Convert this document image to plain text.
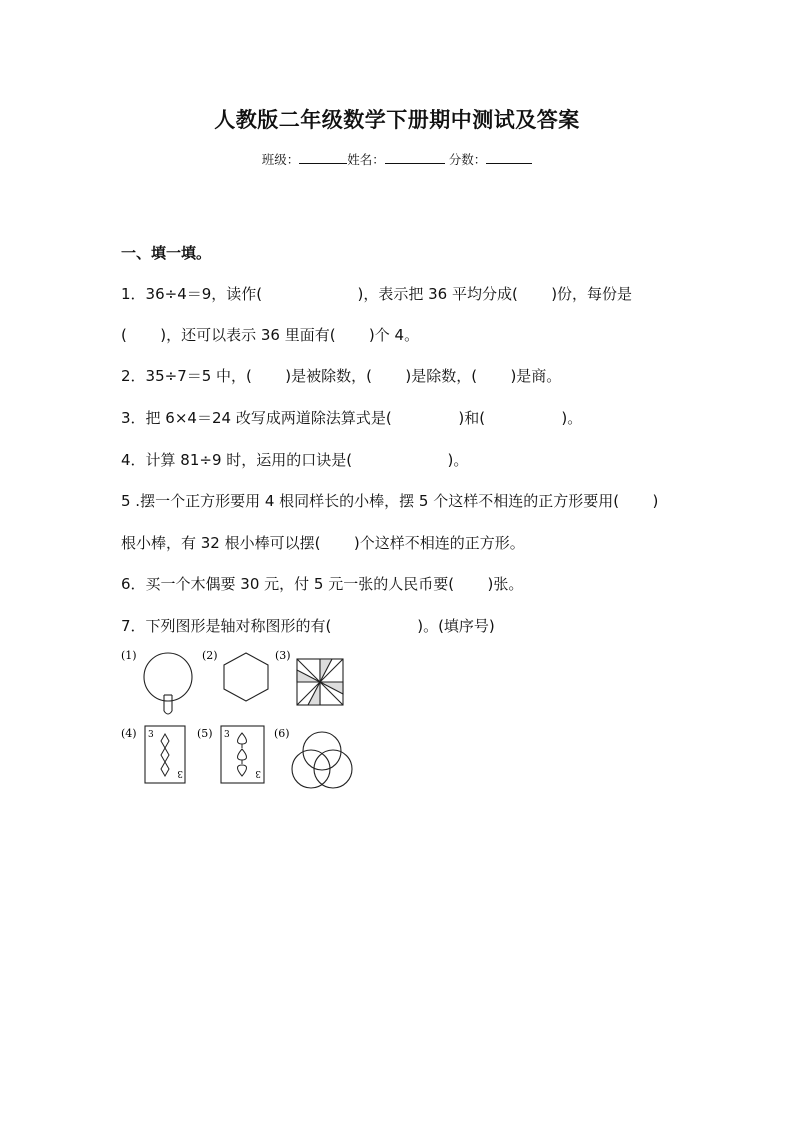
人教版二年级数学下册期中测试及答案
班级：	姓名：	分数：
一、填一填。
1．36÷4＝9，读作(                    )，表示把 36 平均分成(       )份，每份是
(       )，还可以表示 36 里面有(       )个 4。
2．35÷7＝5 中，(       )是被除数，(       )是除数，(       )是商。
3．把 6×4＝24 改写成两道除法算式是(              )和(                )。
4．计算 81÷9 时，运用的口诀是(                    )。
5 .摆一个正方形要用 4 根同样长的小棒，摆 5 个这样不相连的正方形要用(       )
根小棒，有 32 根小棒可以摆(       )个这样不相连的正方形。
6．买一个木偶要 30 元，付 5 元一张的人民币要(       )张。
7．下列图形是轴对称图形的有(                  )。(填序号)
(1)	(2)	(3)
(4) 3
3
(5) 3
3
(6)
